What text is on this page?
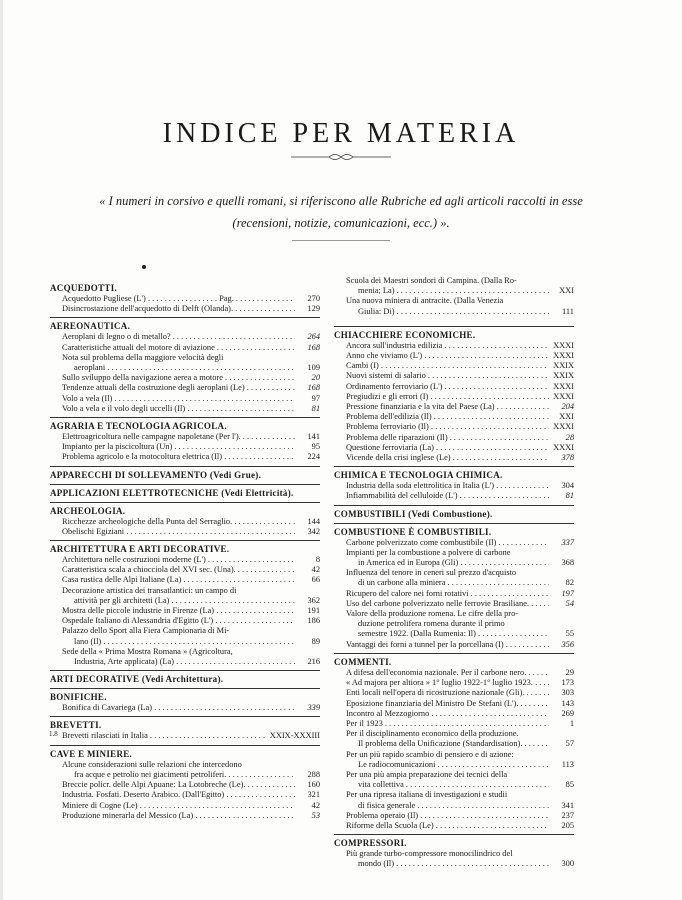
INDICE PER MATERIA
« I numeri in corsivo e quelli romani, si riferiscono alle Rubriche ed agli articoli raccolti in esse
(recensioni, notizie, comunicazioni, ecc.) ».
1.8
ACQUEDOTTI.
Acquedotto Pugliese (L') . . . . . . . . . . . . . . . . . Pag. . . .	270
Disincrostazione dell'acquedotto di Delft (Olanda). . . .	129
AEREONAUTICA.
Aeroplani di legno o di metallo? . . .	264
Caratteristiche attuali del motore di aviazione . . .	168
Nota sul problema della maggiore velocità degli
aeroplani . . .	109
Sullo sviluppo della navigazione aerea a motore . . .	20
Tendenze attuali della costruzione degli aeroplani (Le) . . .	168
Volo a vela (Il) . . .	97
Volo a vela e il volo degli uccelli (Il) . . .	81
AGRARIA E TECNOLOGIA AGRICOLA.
Elettroagricoltura nelle campagne napoletane (Per l'). . . .	141
Impianto per la piscicoltura (Un) . . .	95
Problema agricolo e la motocoltura elettrica (Il) . . .	224
APPARECCHI DI SOLLEVAMENTO (Vedi Grue).
APPLICAZIONI ELETTROTECNICHE (Vedi Elettricità).
ARCHEOLOGIA.
Ricchezze archeologiche della Punta del Serraglio. . . .	144
Obelischi Egiziani . . .	342
ARCHITETTURA E ARTI DECORATIVE.
Architettura nelle costruzioni moderne (L') . . .	8
Caratteristica scala a chiocciola del XVI sec. (Una). . . .	42
Casa rustica delle Alpi Italiane (La) . . .	66
Decorazione artistica dei transatlantici: un campo di
attività per gli architetti (La) . . .	362
Mostra delle piccole industrie in Firenze (La) . . .	191
Ospedale Italiano di Alessandria d'Egitto (L') . . .	186
Palazzo dello Sport alla Fiera Campionaria di Mi-
lano (Il) . . .	89
Sede della « Prima Mostra Romana » (Agricoltura,
Industria, Arte applicata) (La) . . .	216
ARTI DECORATIVE (Vedi Architettura).
BONIFICHE.
Bonifica di Cavariega (La) . . .	339
BREVETTI.
Brevetti rilasciati in Italia . . .	XXIX-XXXIII
CAVE E MINIERE.
Alcune considerazioni sulle relazioni che intercedono
fra acque e petrolio nei giacimenti petroliferi. . . .	288
Breccie policr. delle Alpi Apuane: La Lotobreche (Le). . . .	160
Industria. Fosfati. Deserto Arabico. (Dall'Egitto) . . .	321
Miniere di Cogne (Le) . . .	42
Produzione minerarla del Messico (La) . . .	53
Scuola dei Maestri sondori di Campina. (Dalla Ro-
menia; La) . . .	XXI
Una nuova miniera di antracite. (Dalla Venezia
Giulia: Di) . . .	111
CHIACCHIERE ECONOMICHE.
Ancora sull'industria edilizia . . .	XXXI
Anno che viviamo (L') . . .	XXXI
Cambi (I) . . .	XXIX
Nuovi sistemi di salario . . .	XXIX
Ordinamento ferroviario (L') . . .	XXXI
Pregiudizi e gli errori (I) . . .	XXXI
Pressione finanziaria e la vita del Paese (La) . . .	204
Problema dell'edilizia (Il) . . .	XXI
Problema ferroviario (Il) . . .	XXXI
Problema delle riparazioni (Il) . . .	28
Questione ferroviaria (La) . . .	XXXI
Vicende della crisi inglese (Le) . . .	378
CHIMICA E TECNOLOGIA CHIMICA.
Industria della soda elettrolitica in Italia (L') . . .	304
Infiammabilità del celluloide (L') . . .	81
COMBUSTIBILI (Vedi Combustione).
COMBUSTIONE È COMBUSTIBILI.
Carbone polverizzato come combustibile (Il) . . .	337
Impianti per la combustione a polvere di carbone
in America ed in Europa (Gli) . . .	368
Influenza del tenore in ceneri sul prezzo d'acquisto
di un carbone alla miniera . . .	82
Ricupero del calore nei forni rotativi . . .	197
Uso del carbone polverizzato nelle ferrovie Brasiliane. . . .	54
Valore della produzione romena. Le cifre della pro-
duzione petrolifera romena durante il primo
semestre 1922. (Dalla Rumenia: Il) . . .	55
Vantaggi dei forni a tunnel per la porcellana (I) . . .	356
COMMENTI.
A difesa dell'economia nazionale. Per il carbone nero. . . .	29
« Ad majora per altiora » 1° luglio 1922-1° luglio 1923. . . .	173
Enti locali nell'opera di ricostruzione nazionale (Gli). . . .	303
Eposizione finanziaria del Ministro De Stefani (L'). . . .	143
Incontro al Mezzogiorno . . .	269
Per il 1923 . . .	1
Per il disciplinamento economico della produzione.
Il problema della Unificazione (Standardisation). . . .	57
Per un più rapido scambio di pensiero e di azione:
Le radiocomunicazioni . . .	113
Per una più ampia preparazione dei tecnici della
vita collettiva . . .	85
Per una ripresa italiana di investigazioni e studii
di fisica generale . . .	341
Problema operaio (Il) . . .	237
Riforme della Scuola (Le) . . .	205
COMPRESSORI.
Più grande turbo-compressore monocilindrico del
mondo (Il) . . .	300
